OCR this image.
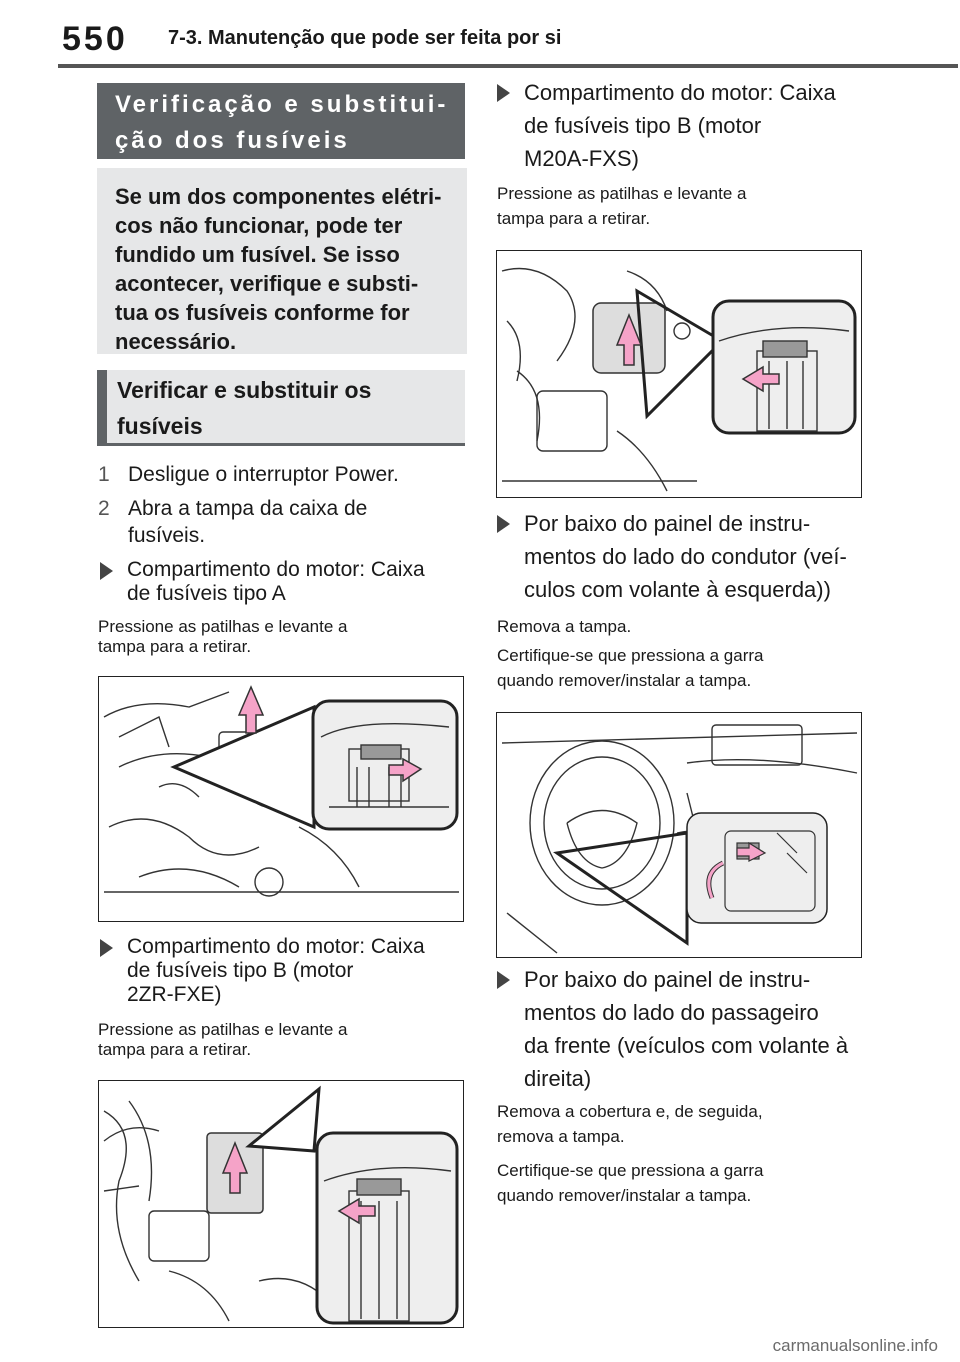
550 7-3. Manutenção que pode ser feita por si
Verificação e substitui-
ção dos fusíveis
Se um dos componentes elétri-
cos não funcionar, pode ter
fundido um fusível. Se isso
acontecer, verifique e substi-
tua os fusíveis conforme for
necessário.
Verificar e substituir os
fusíveis
1 Desligue o interruptor Power.
2 Abra a tampa da caixa de
fusíveis.
Compartimento do motor: Caixa
de fusíveis tipo A
Pressione as patilhas e levante a
tampa para a retirar.
Compartimento do motor: Caixa
de fusíveis tipo B (motor
2ZR-FXE)
Pressione as patilhas e levante a
tampa para a retirar.
Compartimento do motor: Caixa
de fusíveis tipo B (motor
M20A-FXS)
Pressione as patilhas e levante a
tampa para a retirar.
Por baixo do painel de instru-
mentos do lado do condutor (veí-
culos com volante à esquerda))
Remova a tampa.
Certifique-se que pressiona a garra
quando remover/instalar a tampa.
Por baixo do painel de instru-
mentos do lado do passageiro
da frente (veículos com volante à
direita)
Remova a cobertura e, de seguida,
remova a tampa.
Certifique-se que pressiona a garra
quando remover/instalar a tampa.
carmanualsonline.info
